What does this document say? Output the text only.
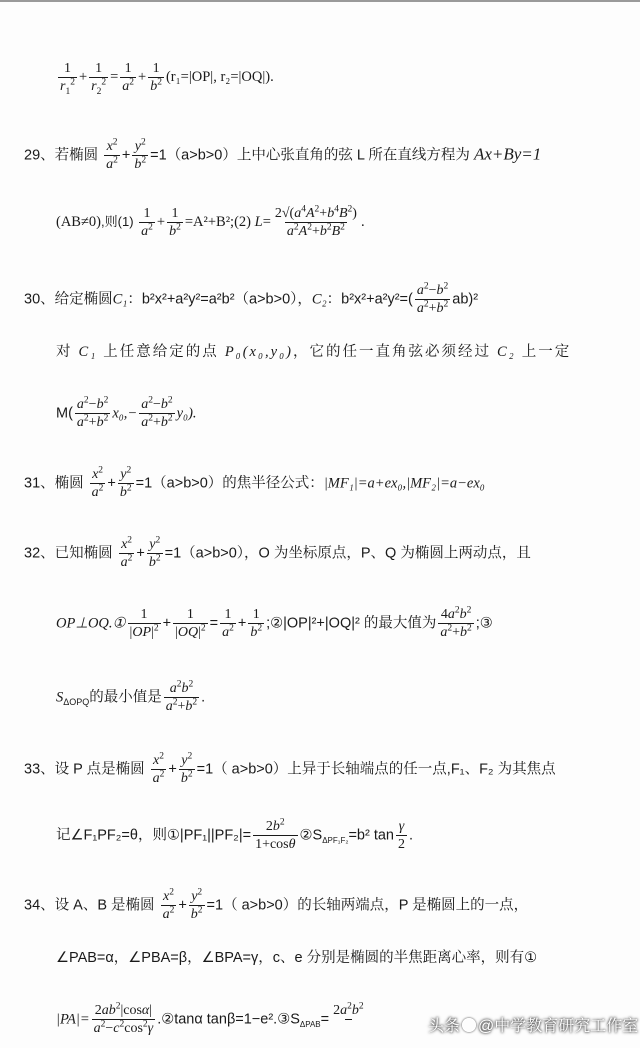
$\frac{1}{r_1^2} + \frac{1}{r_2^2} = \frac{1}{a^2} + \frac{1}{b^2} (r_1=|OP|$, r₂=|OQ|).
29、若椭圆 $\frac{x^2}{a^2} + \frac{y^2}{b^2} =1(a>b>0)$上中心张直角的弦 L 所在直线方程为 Ax+By=1
(AB≠0),则$(1) \frac{1}{a^2} + \frac{1}{b^2}$ =A²+B²;(2) $L= \frac{2√(a^4A^2+b^4B^2)}{a^2A^2+b^2B^2}$ .
30、给定椭圆C₁：b²x²+a²y²=a²b²（a>b>0），C₂：$b^2x^2+a^2y^2=( \frac{a^2-b^2}{a^2+b^2} ab)^2$
对 C₁ 上任意给定的点 P₀(x₀,y₀)，它的任一直角弦必须经过 C₂ 上一定
$M( \frac{a^2-b^2}{a^2+b^2} x_0,- \frac{a^2-b^2}{a^2+b^2} y_0)$.
31、椭圆 $\frac{x^2}{a^2} + \frac{y^2}{b^2} =1(a>b>0)$的焦半径公式：|MF₁|=a+ex₀,|MF₂|=a−ex₀
32、已知椭圆 $\frac{x^2}{a^2} + \frac{y^2}{b^2} =1(a>b>0)$，O 为坐标原点，P、Q 为椭圆上两动点，且
OP⊥OQ.① $\frac{1}{|OP|^2} + \frac{1}{|OQ|^2} = \frac{1}{a^2} + \frac{1}{b^2}$ ;②|OP|²+|OQ|² 的最大值为 $\frac{4a^2b^2}{a^2+b^2}$ ;③
$S_{\Delta OPQ}$的最小值是 $\frac{a^2b^2}{a^2+b^2}$ .
33、设 P 点是椭圆 $\frac{x^2}{a^2} + \frac{y^2}{b^2} =1$（ a>b>0）上异于长轴端点的任一点,F₁、F₂ 为其焦点
记∠F₁PF₂=θ，则①|PF₁||PF₂|= $\frac{2b^2}{1+\cos\theta}$ $②S_{\Delta PF_1F_2}=b^2$ $\tan \frac{\gamma}{2}$ .
34、设 A、B 是椭圆 $\frac{x^2}{a^2} + \frac{y^2}{b^2} =1$（ a>b>0）的长轴两端点，P 是椭圆上的一点，
∠PAB=α，∠PBA=β，∠BPA=γ，c、e 分别是椭圆的半焦距离心率，则有①
$|PA|= \frac{2ab^2|\cos\alpha|}{a^2-c^2\cos^2\gamma}$ .②tanα $\tan\beta=1-e^2.③S_{\Delta PAB}=$
$2a^2b^2$

头条 @中学教育研究工作室
